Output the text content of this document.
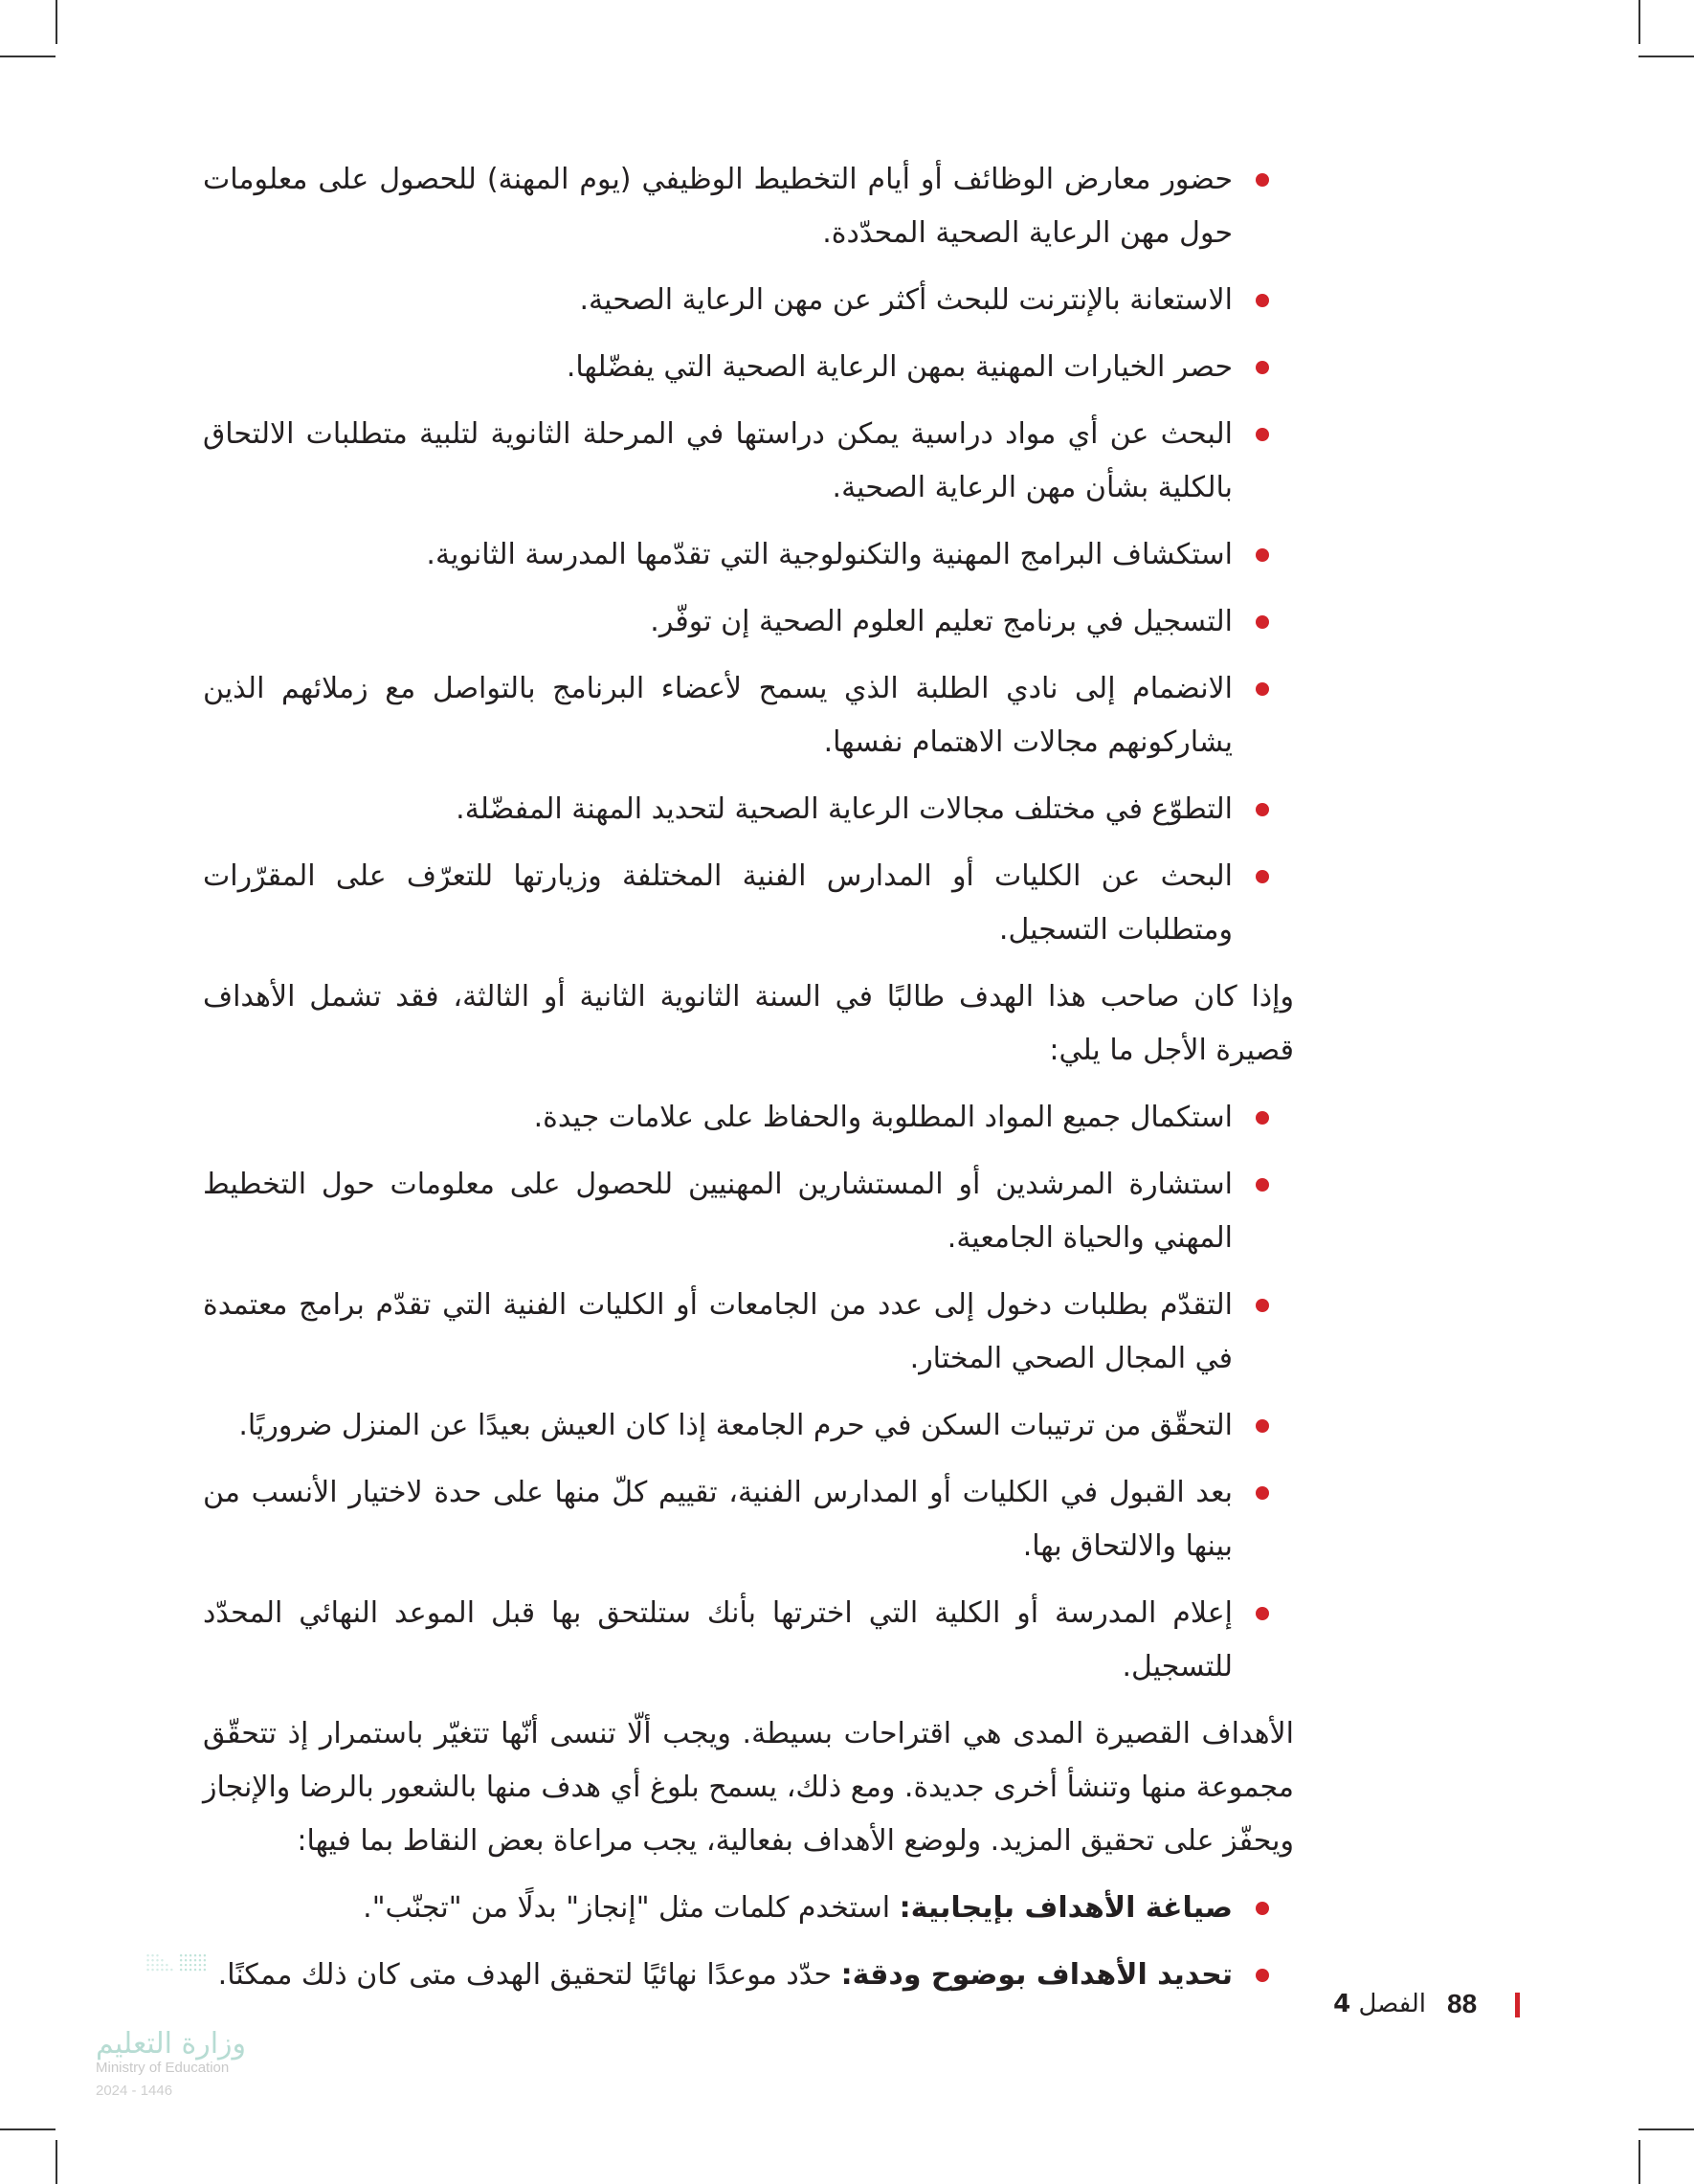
حضور معارض الوظائف أو أيام التخطيط الوظيفي (يوم المهنة) للحصول على معلومات حول مهن الرعاية الصحية المحدّدة.
الاستعانة بالإنترنت للبحث أكثر عن مهن الرعاية الصحية.
حصر الخيارات المهنية بمهن الرعاية الصحية التي يفضّلها.
البحث عن أي مواد دراسية يمكن دراستها في المرحلة الثانوية لتلبية متطلبات الالتحاق بالكلية بشأن مهن الرعاية الصحية.
استكشاف البرامج المهنية والتكنولوجية التي تقدّمها المدرسة الثانوية.
التسجيل في برنامج تعليم العلوم الصحية إن توفّر.
الانضمام إلى نادي الطلبة الذي يسمح لأعضاء البرنامج بالتواصل مع زملائهم الذين يشاركونهم مجالات الاهتمام نفسها.
التطوّع في مختلف مجالات الرعاية الصحية لتحديد المهنة المفضّلة.
البحث عن الكليات أو المدارس الفنية المختلفة وزيارتها للتعرّف على المقرّرات ومتطلبات التسجيل.

وإذا كان صاحب هذا الهدف طالبًا في السنة الثانوية الثانية أو الثالثة، فقد تشمل الأهداف قصيرة الأجل ما يلي:

استكمال جميع المواد المطلوبة والحفاظ على علامات جيدة.
استشارة المرشدين أو المستشارين المهنيين للحصول على معلومات حول التخطيط المهني والحياة الجامعية.
التقدّم بطلبات دخول إلى عدد من الجامعات أو الكليات الفنية التي تقدّم برامج معتمدة في المجال الصحي المختار.
التحقّق من ترتيبات السكن في حرم الجامعة إذا كان العيش بعيدًا عن المنزل ضروريًا.
بعد القبول في الكليات أو المدارس الفنية، تقييم كلّ منها على حدة لاختيار الأنسب من بينها والالتحاق بها.
إعلام المدرسة أو الكلية التي اخترتها بأنك ستلتحق بها قبل الموعد النهائي المحدّد للتسجيل.

الأهداف القصيرة المدى هي اقتراحات بسيطة. ويجب ألّا تنسى أنّها تتغيّر باستمرار إذ تتحقّق مجموعة منها وتنشأ أخرى جديدة. ومع ذلك، يسمح بلوغ أي هدف منها بالشعور بالرضا والإنجاز ويحفّز على تحقيق المزيد. ولوضع الأهداف بفعالية، يجب مراعاة بعض النقاط بما فيها:

صياغة الأهداف بإيجابية: استخدم كلمات مثل "إنجاز" بدلًا من "تجنّب".
تحديد الأهداف بوضوح ودقة: حدّد موعدًا نهائيًا لتحقيق الهدف متى كان ذلك ممكنًا.
88
الفصل 4
وزارة التعليم
Ministry of Education
2024 - 1446
